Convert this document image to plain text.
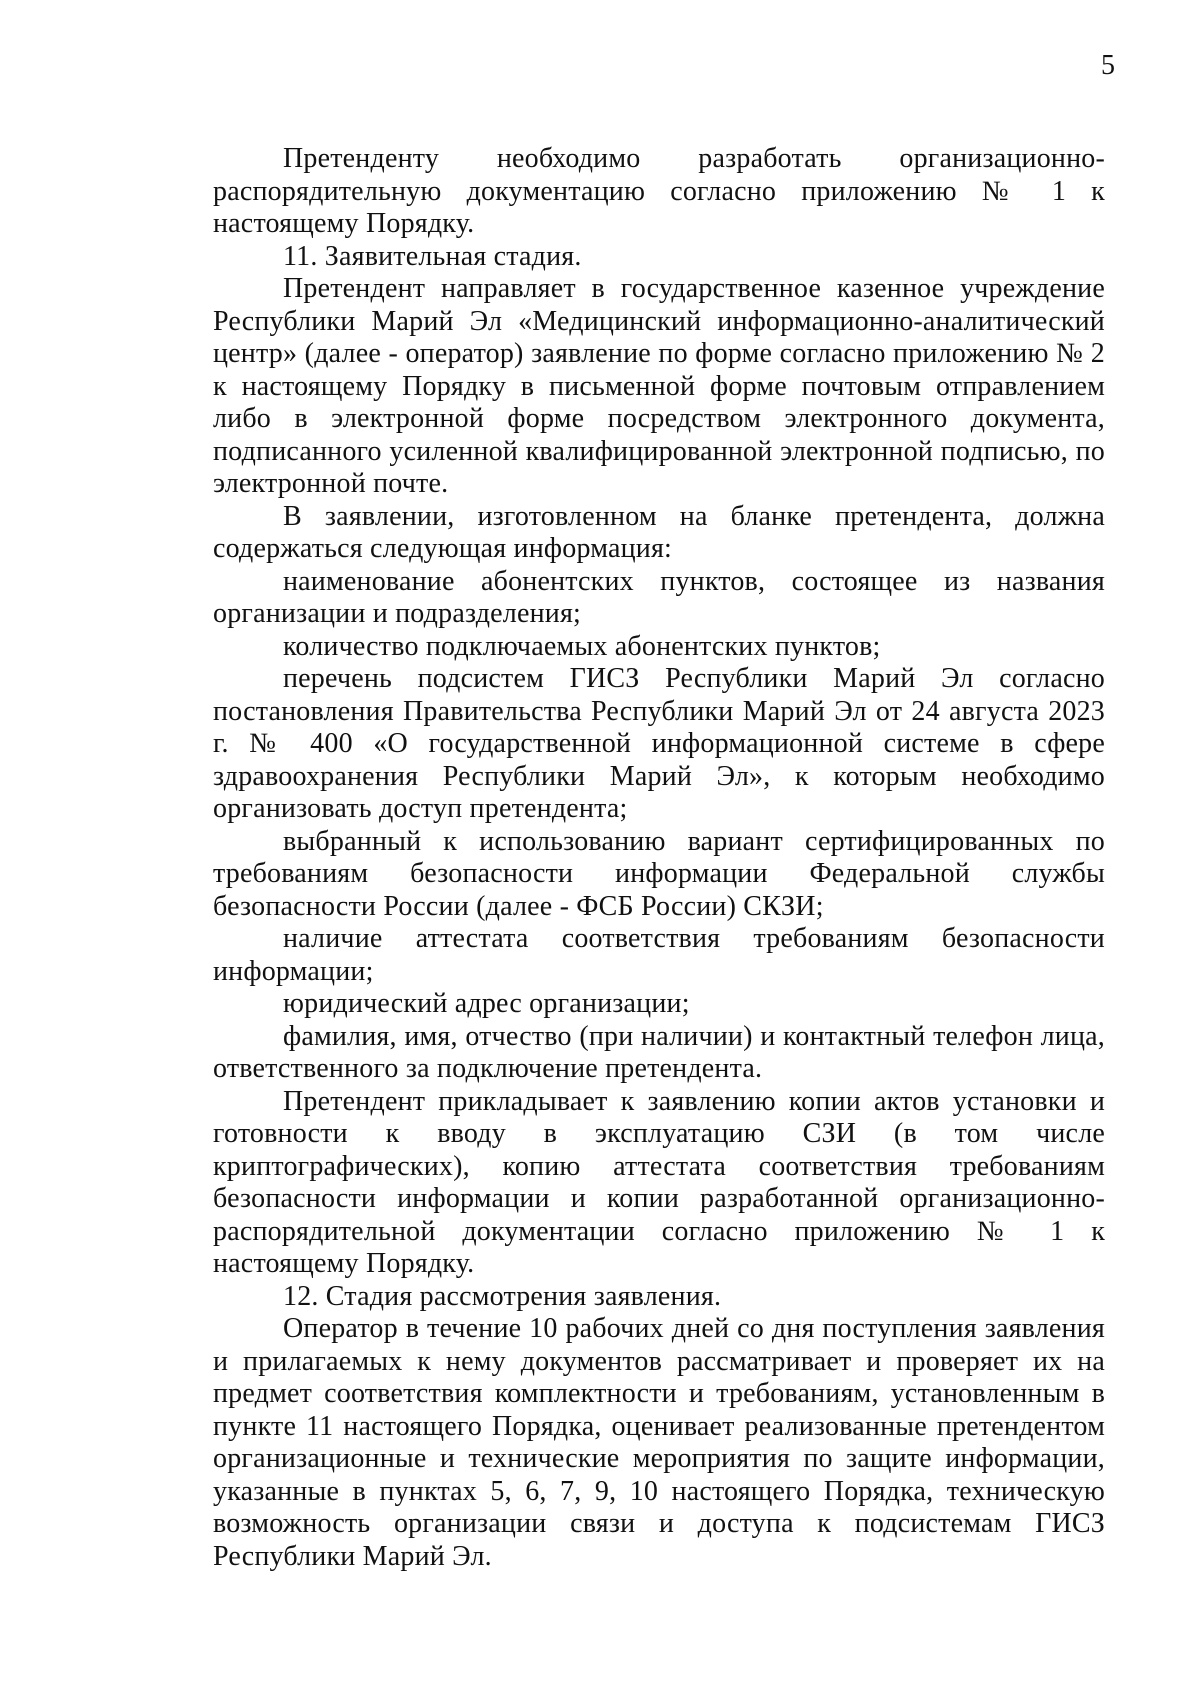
5

Претенденту необходимо разработать организационно-распорядительную документацию согласно приложению № 1 к настоящему Порядку.

11. Заявительная стадия.

Претендент направляет в государственное казенное учреждение Республики Марий Эл «Медицинский информационно-аналитический центр» (далее - оператор) заявление по форме согласно приложению № 2 к настоящему Порядку в письменной форме почтовым отправлением либо в электронной форме посредством электронного документа, подписанного усиленной квалифицированной электронной подписью, по электронной почте.

В заявлении, изготовленном на бланке претендента, должна содержаться следующая информация:

наименование абонентских пунктов, состоящее из названия организации и подразделения;

количество подключаемых абонентских пунктов;

перечень подсистем ГИСЗ Республики Марий Эл согласно постановления Правительства Республики Марий Эл от 24 августа 2023 г. № 400 «О государственной информационной системе в сфере здравоохранения Республики Марий Эл», к которым необходимо организовать доступ претендента;

выбранный к использованию вариант сертифицированных по требованиям безопасности информации Федеральной службы безопасности России (далее - ФСБ России) СКЗИ;

наличие аттестата соответствия требованиям безопасности информации;

юридический адрес организации;

фамилия, имя, отчество (при наличии) и контактный телефон лица, ответственного за подключение претендента.

Претендент прикладывает к заявлению копии актов установки и готовности к вводу в эксплуатацию СЗИ (в том числе криптографических), копию аттестата соответствия требованиям безопасности информации и копии разработанной организационно-распорядительной документации согласно приложению № 1 к настоящему Порядку.

12. Стадия рассмотрения заявления.

Оператор в течение 10 рабочих дней со дня поступления заявления и прилагаемых к нему документов рассматривает и проверяет их на предмет соответствия комплектности и требованиям, установленным в пункте 11 настоящего Порядка, оценивает реализованные претендентом организационные и технические мероприятия по защите информации, указанные в пунктах 5, 6, 7, 9, 10 настоящего Порядка, техническую возможность организации связи и доступа к подсистемам ГИСЗ Республики Марий Эл.
